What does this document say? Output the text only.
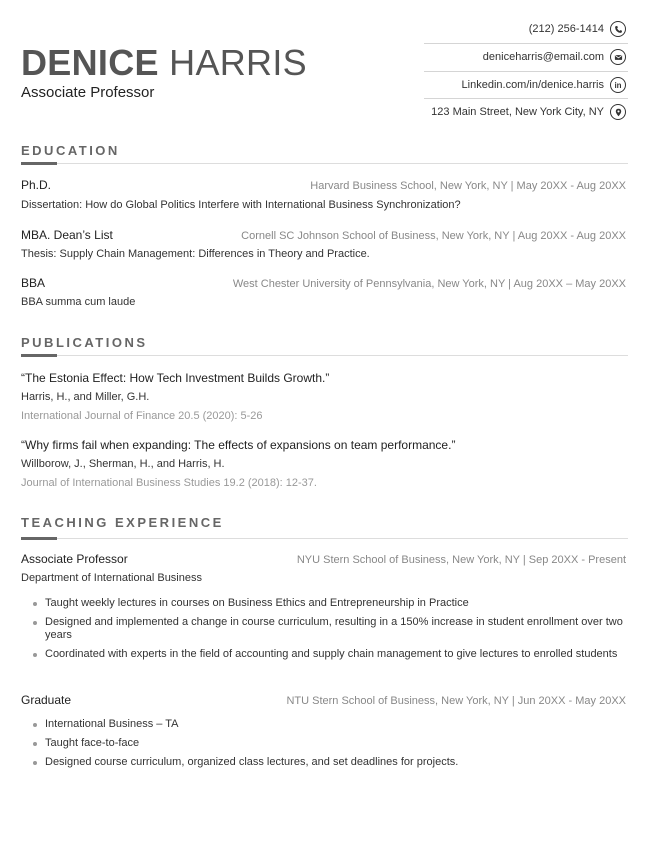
DENICE HARRIS
Associate Professor
(212) 256-1414
deniceharris@email.com
Linkedin.com/in/denice.harris	in
123 Main Street, New York City, NY
EDUCATION
Ph.D.	Harvard Business School, New York, NY | May 20XX - Aug 20XX
Dissertation: How do Global Politics Interfere with International Business Synchronization?
MBA. Dean’s List	Cornell SC Johnson School of Business, New York, NY | Aug 20XX - Aug 20XX
Thesis: Supply Chain Management: Differences in Theory and Practice.
BBA	West Chester University of Pennsylvania, New York, NY | Aug 20XX – May 20XX
BBA summa cum laude
PUBLICATIONS
“The Estonia Effect: How Tech Investment Builds Growth.”
Harris, H., and Miller, G.H.
International Journal of Finance 20.5 (2020): 5-26
“Why firms fail when expanding: The effects of expansions on team performance.”
Willborow, J., Sherman, H., and Harris, H.
Journal of International Business Studies 19.2 (2018): 12-37.
TEACHING EXPERIENCE
Associate Professor	NYU Stern School of Business, New York, NY | Sep 20XX - Present
Department of International Business
Taught weekly lectures in courses on Business Ethics and Entrepreneurship in Practice
Designed and implemented a change in course curriculum, resulting in a 150% increase in student enrollment over two years
Coordinated with experts in the field of accounting and supply chain management to give lectures to enrolled students
Graduate	NTU Stern School of Business, New York, NY | Jun 20XX - May 20XX
International Business – TA
Taught face-to-face
Designed course curriculum, organized class lectures, and set deadlines for projects.
